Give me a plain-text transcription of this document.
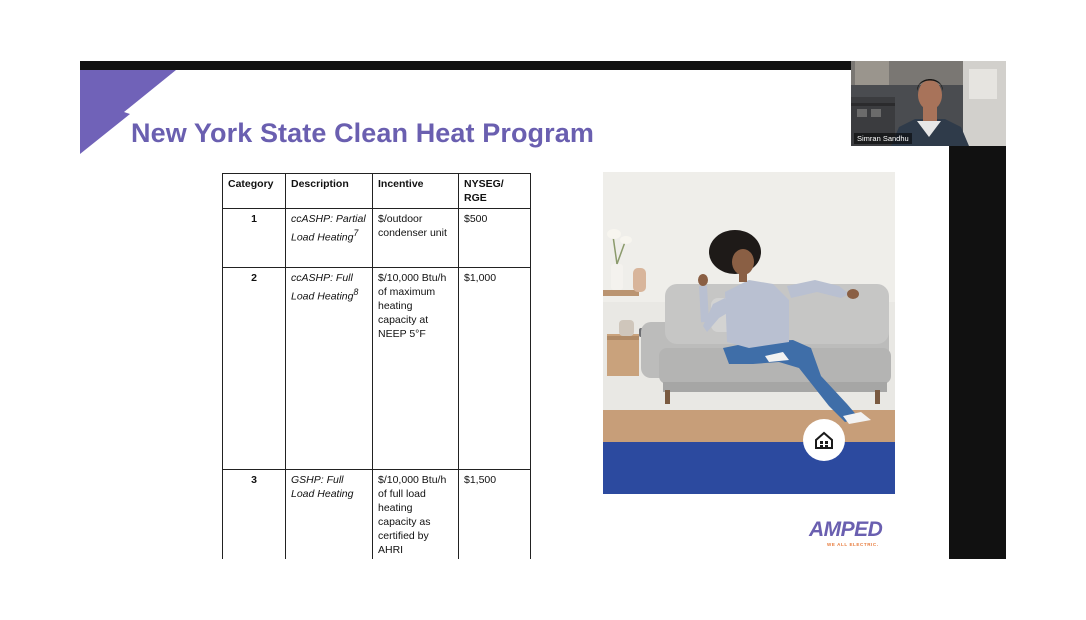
New York State Clean Heat Program
Category	Description	Incentive	NYSEG/ RGE
1	ccASHP: Partial Load Heating$^7$	$/outdoor condenser unit	$500
2	ccASHP: Full Load Heating$^8$	$/10,000 Btu/h of maximum heating capacity at NEEP 5°F	$1,000
3	GSHP: Full Load Heating	$/10,000 Btu/h of full load heating capacity as certified by AHRI	$1,500
AMPED
WE ALL ELECTRIC.
Simran Sandhu
